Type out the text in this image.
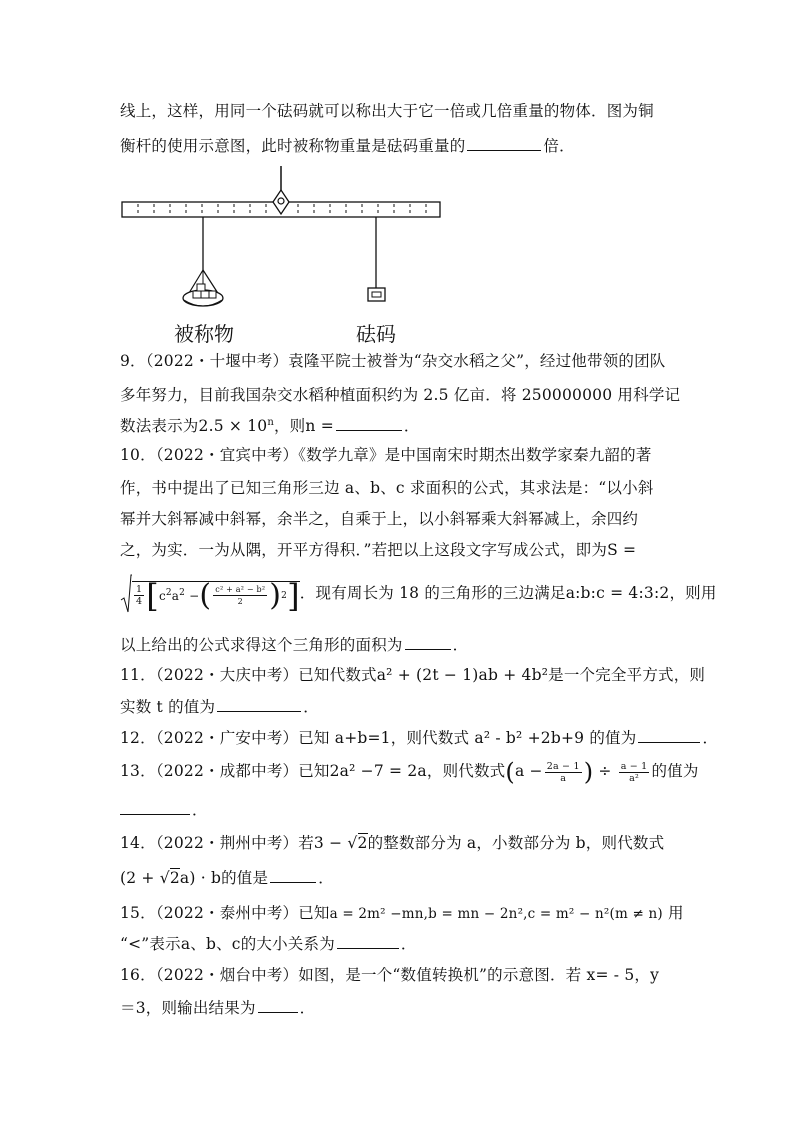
线上，这样，用同一个砝码就可以称出大于它一倍或几倍重量的物体．图为铜
衡杆的使用示意图，此时被称物重量是砝码重量的	倍．
被称物	砝码
9．（2022・十堰中考）袁隆平院士被誉为“杂交水稻之父”，经过他带领的团队
多年努力，目前我国杂交水稻种植面积约为 2.5 亿亩．将 250000000 用科学记
数法表示为$2.5 \times 10^n$，则n =	．
10．（2022・宜宾中考）《数学九章》是中国南宋时期杰出数学家秦九韶的著
作，书中提出了已知三角形三边 a、b、c 求面积的公式，其求法是：“以小斜
幂并大斜幂减中斜幂，余半之，自乘于上，以小斜幂乘大斜幂减上，余四约
之，为实．一为从隅，开平方得积．”若把以上这段文字写成公式，即为S =
$\frac{1}{4}$ [ $c^2a^2$ − ( $\frac{\text{c² + a² − b²}}{2}$ ) 2 ] ．现有周长为 18 的三角形的三边满足a:b:c = 4:3:2，则用
以上给出的公式求得这个三角形的面积为	．
11．（2022・大庆中考）已知代数式a² + (2t − 1)ab + 4b²是一个完全平方式，则
实数 t 的值为	．
12．（2022・广安中考）已知 a+b=1，则代数式 a² - b² +2b+9 的值为	．
13．（2022・成都中考）已知2a² −7 = 2a，则代数式($a - \frac{2a - 1}{a}$ ) ÷ $\frac{a - 1}{\text{a²}}$ 的值为
．
14．（2022・荆州中考）若3 − √2的整数部分为 a，小数部分为 b，则代数式
(2 + √2a) · b的值是	．
15．（2022・泰州中考）已知a = 2m² −mn,b = mn − 2n²,c = m² − n²(m ≠ n) 用
“<”表示a、b、c的大小关系为	．
16．（2022・烟台中考）如图，是一个“数值转换机”的示意图．若 x= - 5，y
＝3，则输出结果为	．
